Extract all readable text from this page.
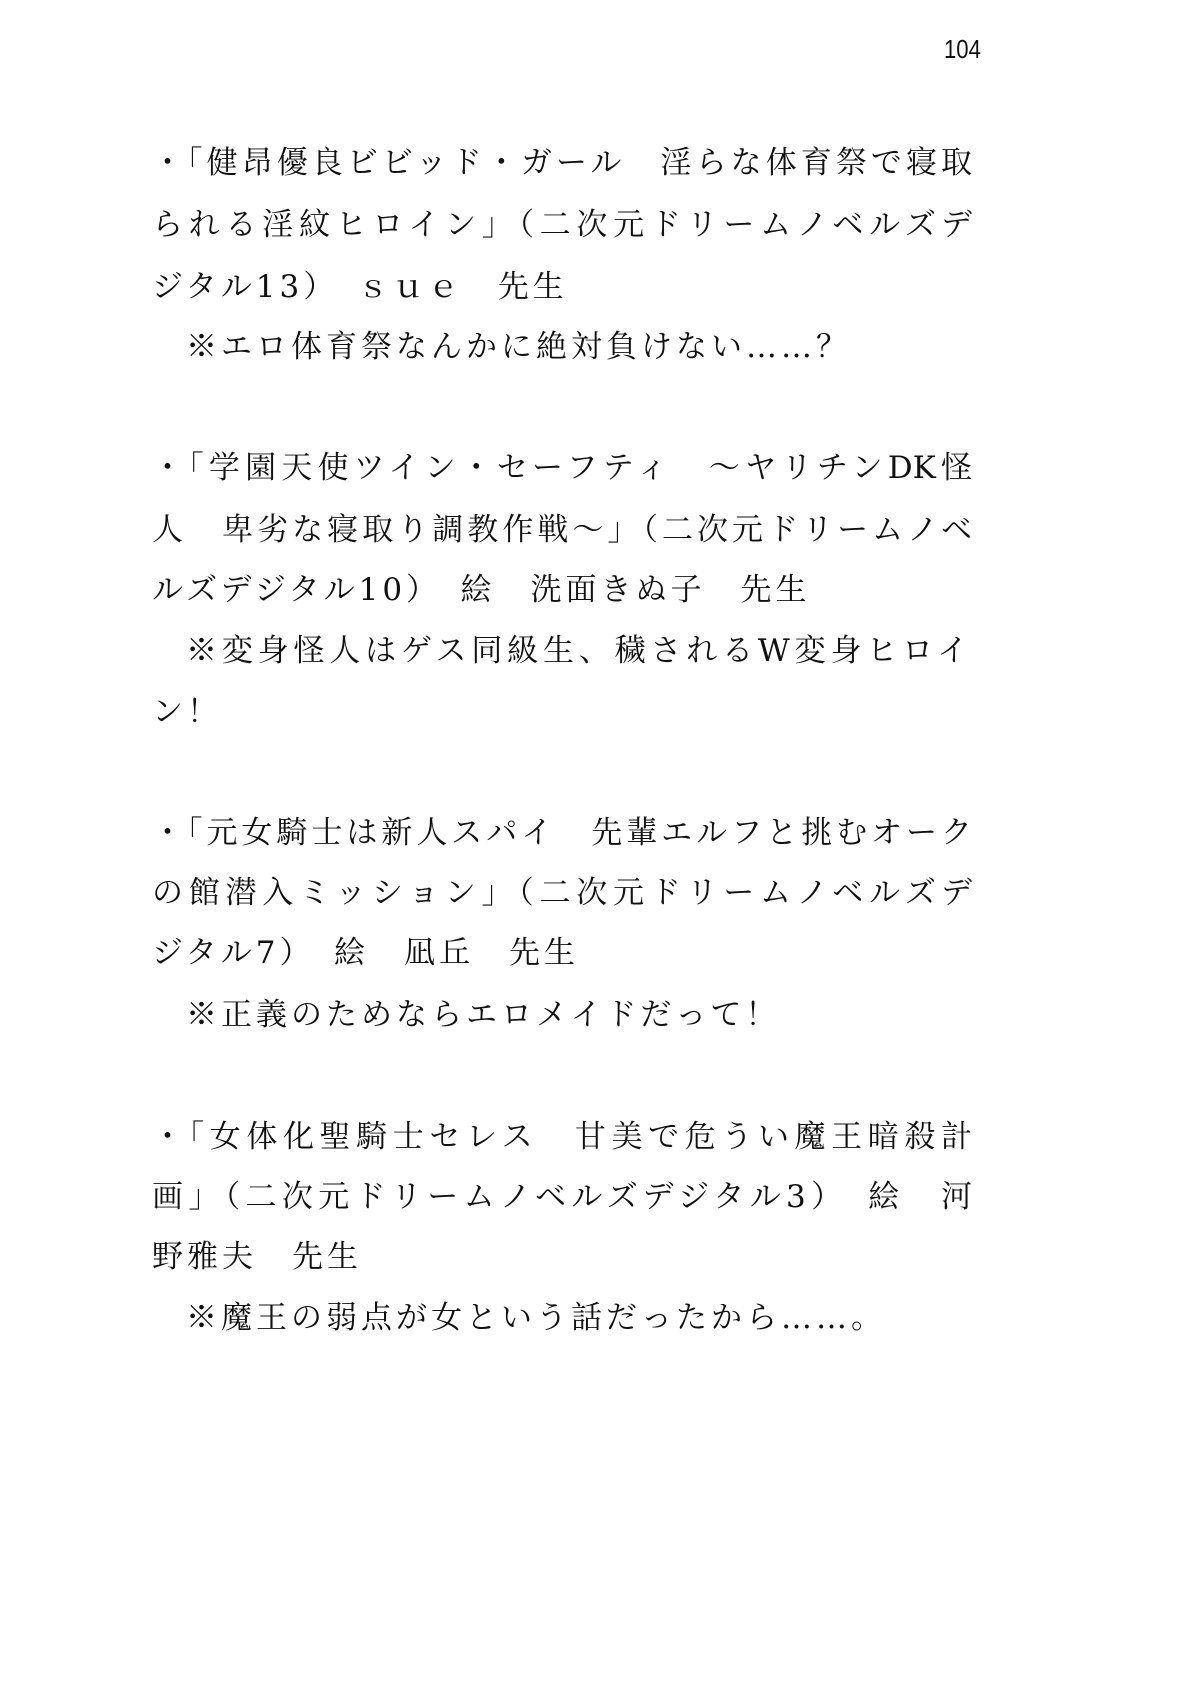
104
・「健昂優良ビビッド・ガール　淫らな体育祭で寝取
られる淫紋ヒロイン」（二次元ドリームノベルズデ
ジタル13）　ｓｕｅ　先生
※エロ体育祭なんかに絶対負けない……？
・「学園天使ツイン・セーフティ　～ヤリチンDK怪
人　卑劣な寝取り調教作戦～」（二次元ドリームノベ
ルズデジタル10）　絵　洗面きぬ子　先生
※変身怪人はゲス同級生、穢されるW変身ヒロイ
ン！
・「元女騎士は新人スパイ　先輩エルフと挑むオーク
の館潜入ミッション」（二次元ドリームノベルズデ
ジタル7）　絵　凪丘　先生
※正義のためならエロメイドだって！
・「女体化聖騎士セレス　甘美で危うい魔王暗殺計
画」（二次元ドリームノベルズデジタル3）　絵　河
野雅夫　先生
※魔王の弱点が女という話だったから……。
